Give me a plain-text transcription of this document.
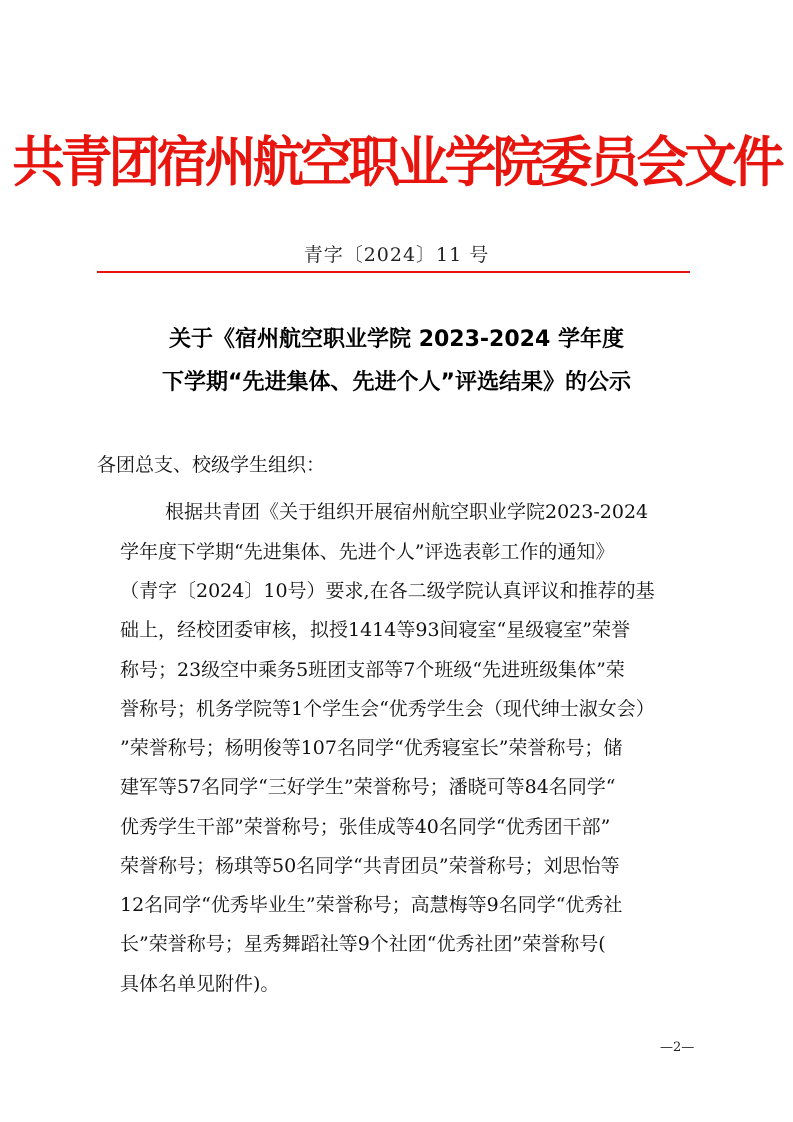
共青团宿州航空职业学院委员会文件
青字〔2024〕11 号
关于《宿州航空职业学院 2023-2024 学年度
下学期“先进集体、先进个人”评选结果》的公示
各团总支、校级学生组织：
根据共青团《关于组织开展宿州航空职业学院2023-2024
学年度下学期“先进集体、先进个人”评选表彰工作的通知》
（青字〔2024〕10号）要求,在各二级学院认真评议和推荐的基
础上，经校团委审核，拟授1414等93间寝室“星级寝室”荣誉
称号；23级空中乘务5班团支部等7个班级“先进班级集体”荣
誉称号；机务学院等1个学生会“优秀学生会（现代绅士淑女会）
”荣誉称号；杨明俊等107名同学“优秀寝室长”荣誉称号；储
建军等57名同学“三好学生”荣誉称号；潘晓可等84名同学“
优秀学生干部”荣誉称号；张佳成等40名同学“优秀团干部”
荣誉称号；杨琪等50名同学“共青团员”荣誉称号；刘思怡等
12名同学“优秀毕业生”荣誉称号；高慧梅等9名同学“优秀社
长”荣誉称号；星秀舞蹈社等9个社团“优秀社团”荣誉称号(
具体名单见附件)。
—2—
